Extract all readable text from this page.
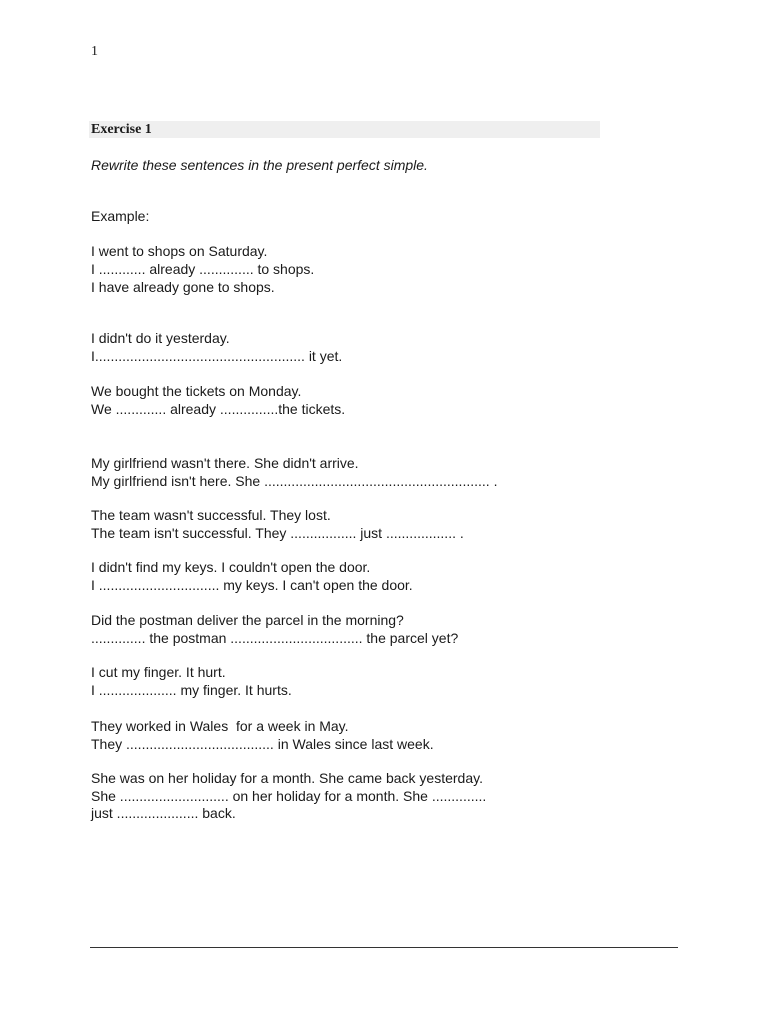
1
Exercise 1
Rewrite these sentences in the present perfect simple.
Example:
I went to shops on Saturday.
I ............ already .............. to shops.
I have already gone to shops.
I didn't do it yesterday.
I...................................................... it yet.
We bought the tickets on Monday.
We ............. already ...............the tickets.
My girlfriend wasn't there. She didn't arrive.
My girlfriend isn't here. She .......................................................... .
The team wasn't successful. They lost.
The team isn't successful. They ................. just .................. .
I didn't find my keys. I couldn't open the door.
I ............................... my keys. I can't open the door.
Did the postman deliver the parcel in the morning?
.............. the postman .................................. the parcel yet?
I cut my finger. It hurt.
I .................... my finger. It hurts.
They worked in Wales  for a week in May.
They ...................................... in Wales since last week.
She was on her holiday for a month. She came back yesterday.
She ............................ on her holiday for a month. She ..............
just ..................... back.
